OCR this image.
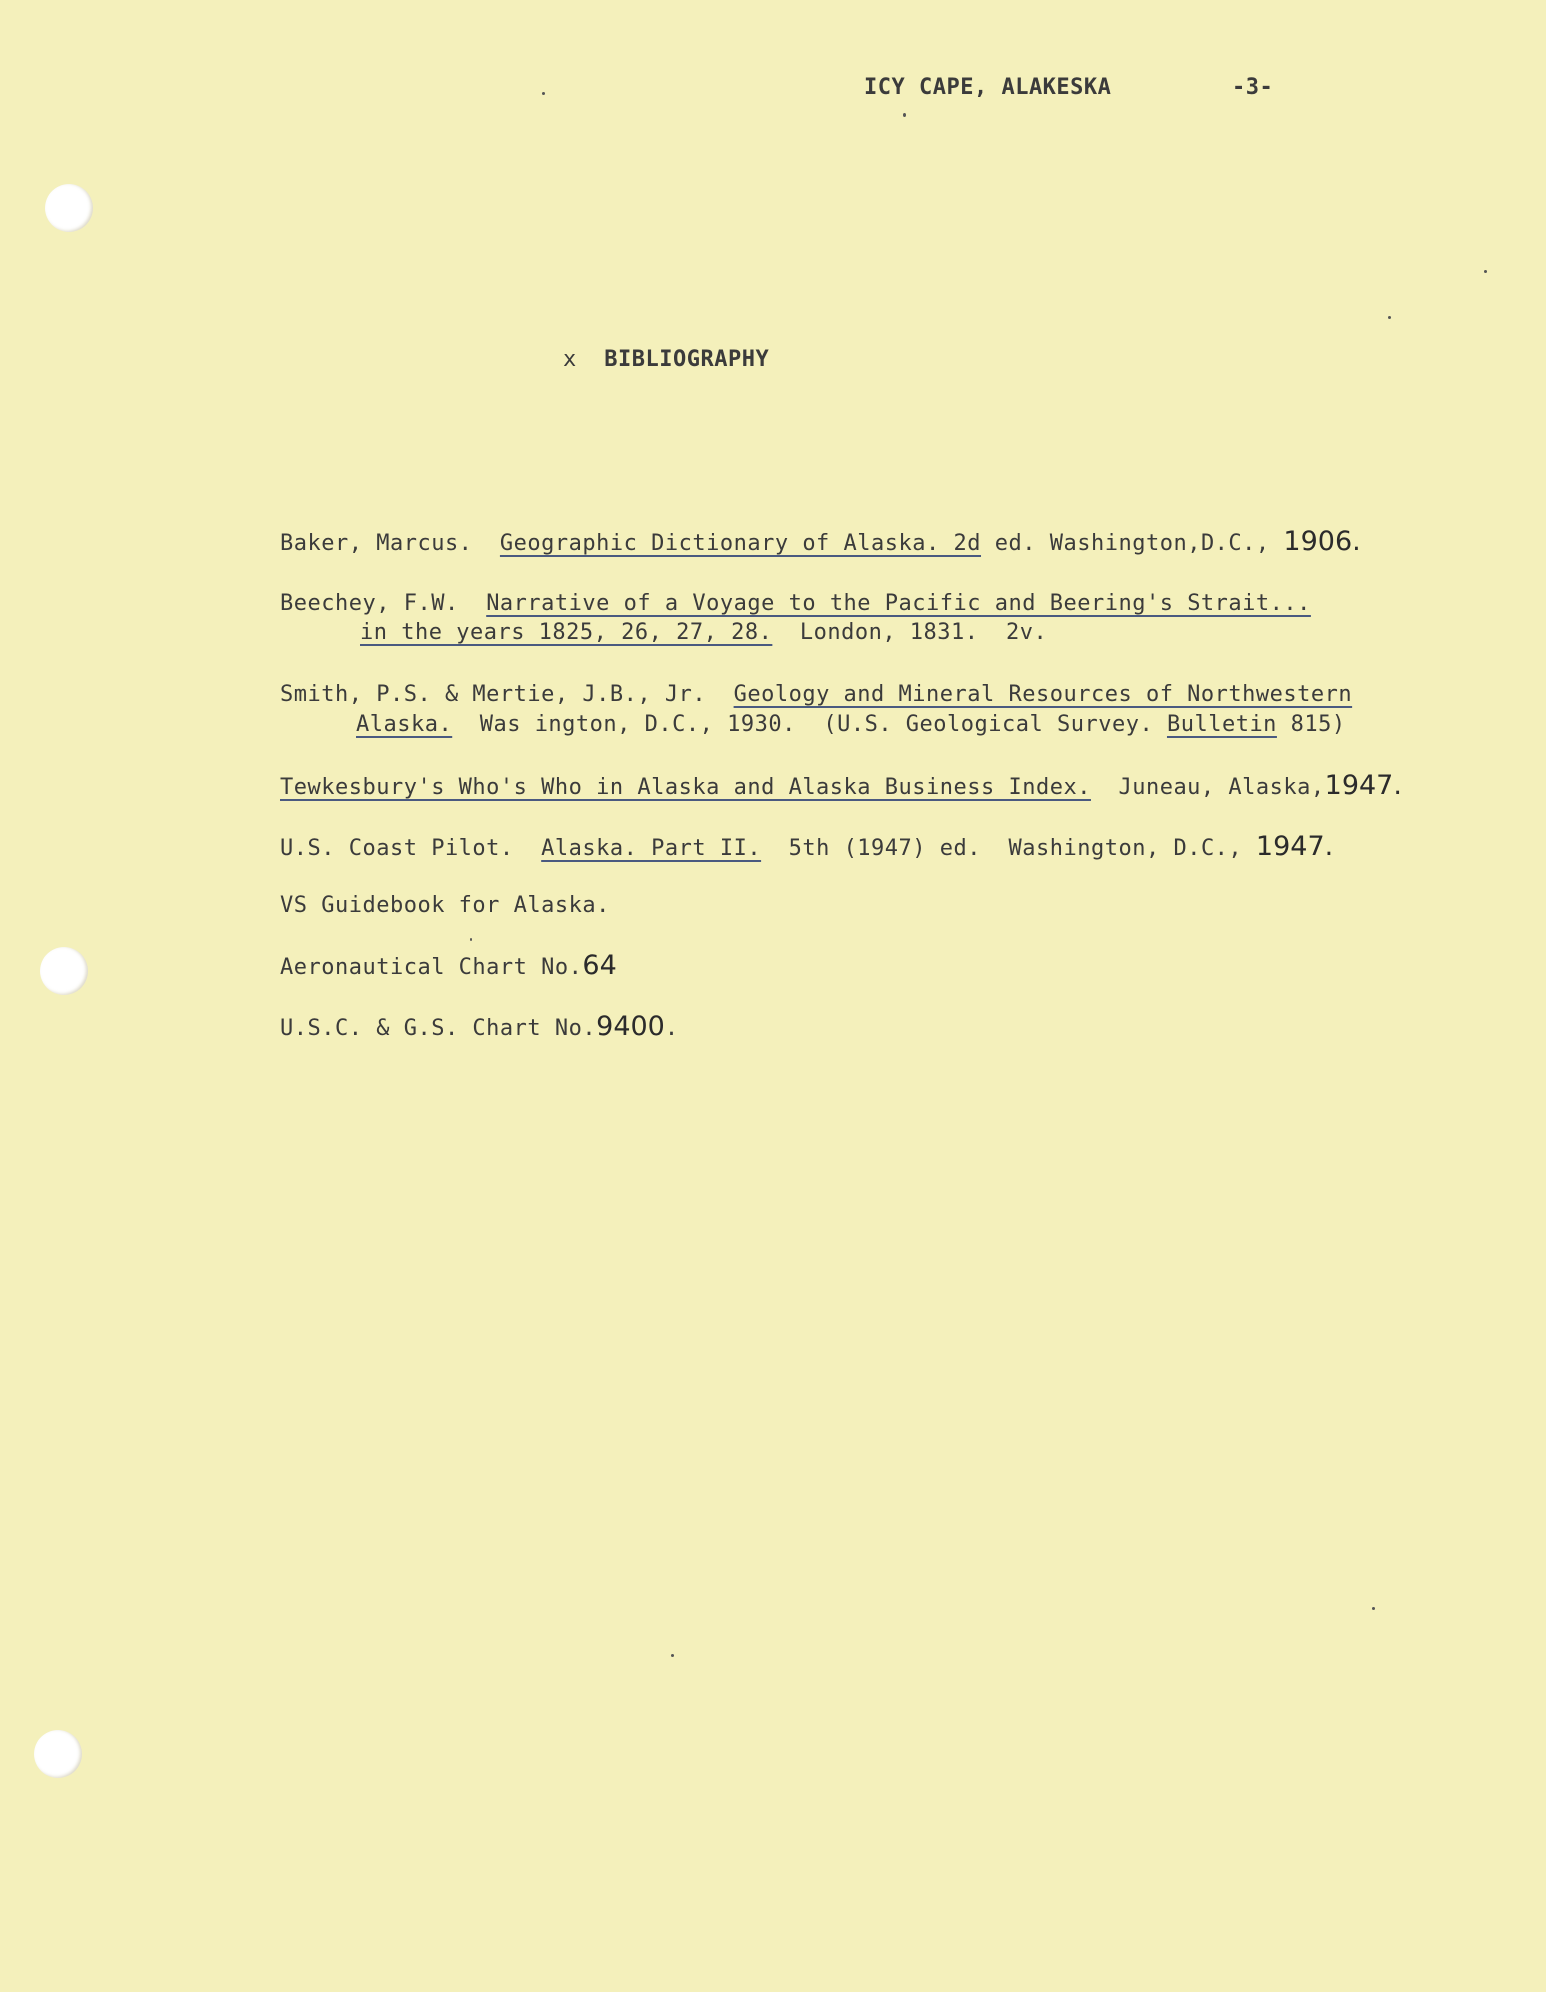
ICY CAPE, ALAKESKA	-3-
x BIBLIOGRAPHY
Baker, Marcus.  Geographic Dictionary of Alaska. 2d ed. Washington,D.C., 1906.
Beechey, F.W.  Narrative of a Voyage to the Pacific and Beering's Strait...
in the years 1825, 26, 27, 28.  London, 1831.  2v.
Smith, P.S. & Mertie, J.B., Jr.  Geology and Mineral Resources of Northwestern
Alaska.  Was ington, D.C., 1930.  (U.S. Geological Survey. Bulletin 815)
Tewkesbury's Who's Who in Alaska and Alaska Business Index.  Juneau, Alaska,1947.
U.S. Coast Pilot.  Alaska. Part II.  5th (1947) ed.  Washington, D.C., 1947.
VS Guidebook for Alaska.
Aeronautical Chart No.64
U.S.C. & G.S. Chart No.9400.
